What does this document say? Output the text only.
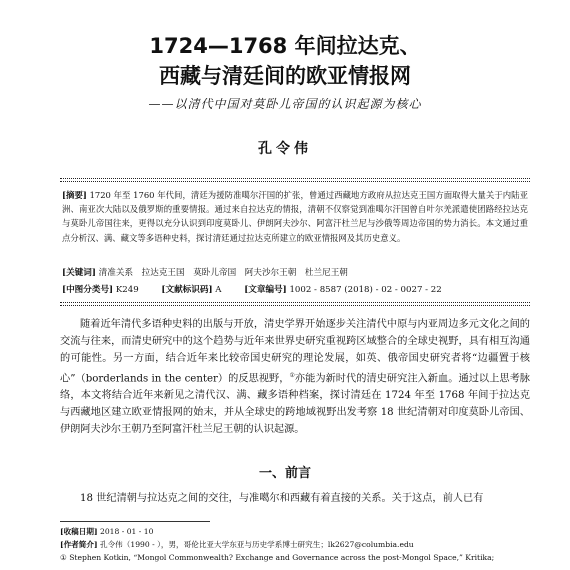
1724—1768 年间拉达克、
西藏与清廷间的欧亚情报网
——以清代中国对莫卧儿帝国的认识起源为核心
孔令伟
[摘要] 1720 年至 1760 年代间，清廷为援防准噶尔汗国的扩张，曾通过西藏地方政府从拉达克王国方面取得大量关于内陆亚洲、南亚次大陆以及俄罗斯的重要情报。通过来自拉达克的情报，清朝不仅察觉到准噶尔汗国曾自叶尔羌派遣使团路经拉达克与莫卧儿帝国往来，更得以充分认识到印度莫卧儿、伊朗阿夫沙尔、阿富汗杜兰尼与沙俄等周边帝国的势力消长。本文通过重点分析汉、满、藏文等多语种史料，探讨清廷通过拉达克所建立的欧亚情报网及其历史意义。
[关键词] 清准关系　拉达克王国　莫卧儿帝国　阿夫沙尔王朝　杜兰尼王朝
[中图分类号] K249	[文献标识码] A	[文章编号] 1002 - 8587 (2018) - 02 - 0027 - 22

随着近年清代多语种史料的出版与开放，清史学界开始逐步关注清代中原与内亚周边多元文化之间的交流与往来，而清史研究中的这个趋势与近年来世界史研究重视跨区域整合的全球史视野，具有相互沟通的可能性。另一方面，结合近年来比较帝国史研究的理论发展，如英、俄帝国史研究者将“边疆置于核心”（borderlands in the center）的反思视野，①亦能为新时代的清史研究注入新血。通过以上思考脉络，本文将结合近年来新见之清代汉、满、藏多语种档案，探讨清廷在 1724 年至 1768 年间于拉达克与西藏地区建立欧亚情报网的始末，并从全球史的跨地域视野出发考察 18 世纪清朝对印度莫卧儿帝国、伊朗阿夫沙尔王朝乃至阿富汗杜兰尼王朝的认识起源。

一、前言

18 世纪清朝与拉达克之间的交往，与准噶尔和西藏有着直接的关系。关于这点，前人已有

[收稿日期] 2018 - 01 - 10
[作者简介] 孔令伟（1990 - ），男，哥伦比亚大学东亚与历史学系博士研究生；lk2627@columbia.edu
① Stephen Kotkin, “Mongol Commonwealth? Exchange and Governance across the post-Mongol Space,” Kritika;
